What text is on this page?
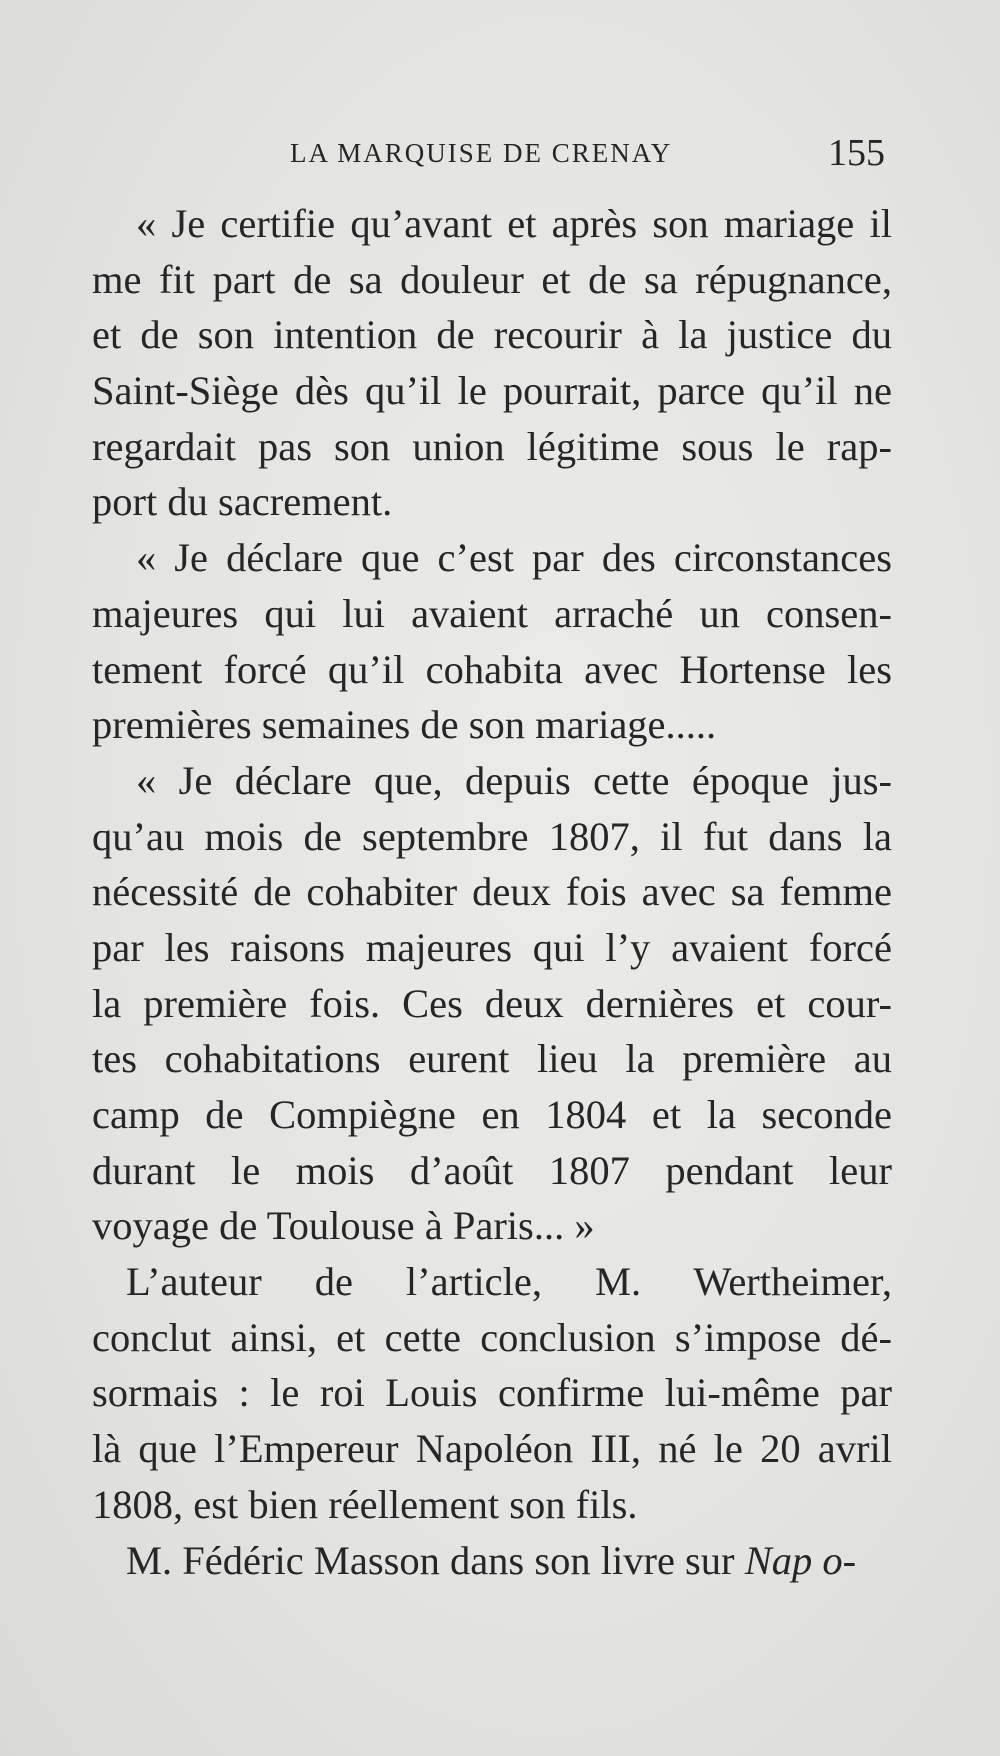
LA MARQUISE DE CRENAY	155
« Je certifie qu’avant et après son mariage il
me fit part de sa douleur et de sa répugnance,
et de son intention de recourir à la justice du
Saint-Siège dès qu’il le pourrait, parce qu’il ne
regardait pas son union légitime sous le rap-
port du sacrement.
« Je déclare que c’est par des circonstances
majeures qui lui avaient arraché un consen-
tement forcé qu’il cohabita avec Hortense les
premières semaines de son mariage.....
« Je déclare que, depuis cette époque jus-
qu’au mois de septembre 1807, il fut dans la
nécessité de cohabiter deux fois avec sa femme
par les raisons majeures qui l’y avaient forcé
la première fois. Ces deux dernières et cour-
tes cohabitations eurent lieu la première au
camp de Compiègne en 1804 et la seconde
durant le mois d’août 1807 pendant leur
voyage de Toulouse à Paris... »
L’auteur de l’article, M. Wertheimer,
conclut ainsi, et cette conclusion s’impose dé-
sormais : le roi Louis confirme lui-même par
là que l’Empereur Napoléon III, né le 20 avril
1808, est bien réellement son fils.
M. Fédéric Masson dans son livre sur Nap o-
